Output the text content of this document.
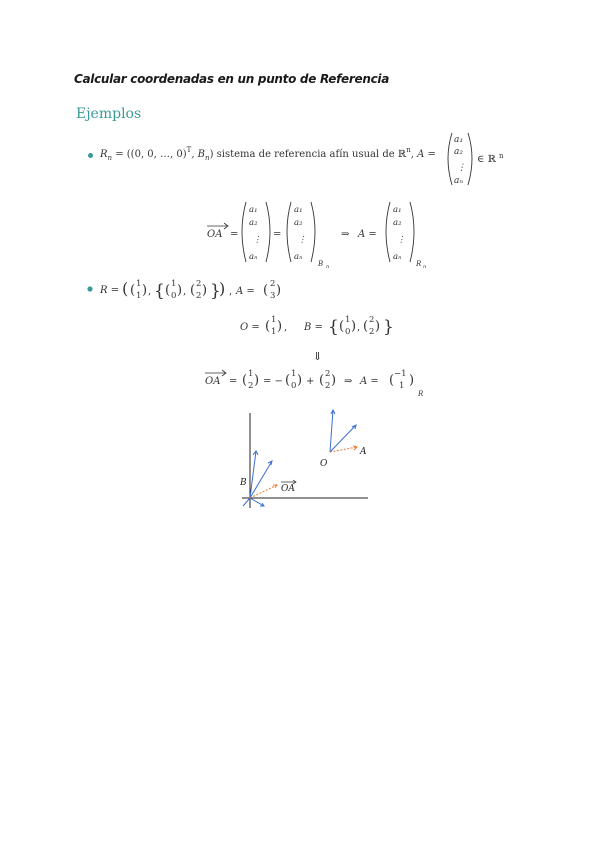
Calcular coordenadas en un punto de Referencia
Ejemplos
$R_n = ((0$, 0, …, 0)$^T$, $B_n$) sistema de referencia afín usual de ℝ$^n$, A =
a₁
a₂
⋮
aₙ
∈ ℝ n
OA =
a₁
a₂
⋮
aₙ
=
a₁
a₂
⋮
aₙ
B n
⇒ A =
a₁
a₂
⋮
aₙ
R n
R = ( ( 1
1 ) , { ( 1
0 ) , ( 2
2 ) }
) , A = ( 2
3 )
O = ( 1
1 ) , B = { ( 1
0 ) , ( 2
2 ) }
⇓
OA = ( 1
2 ) = − ( 1
0 ) + ( 2
2 ) ⇒ A = ( −1
1 )
R
B
O
A
OA
